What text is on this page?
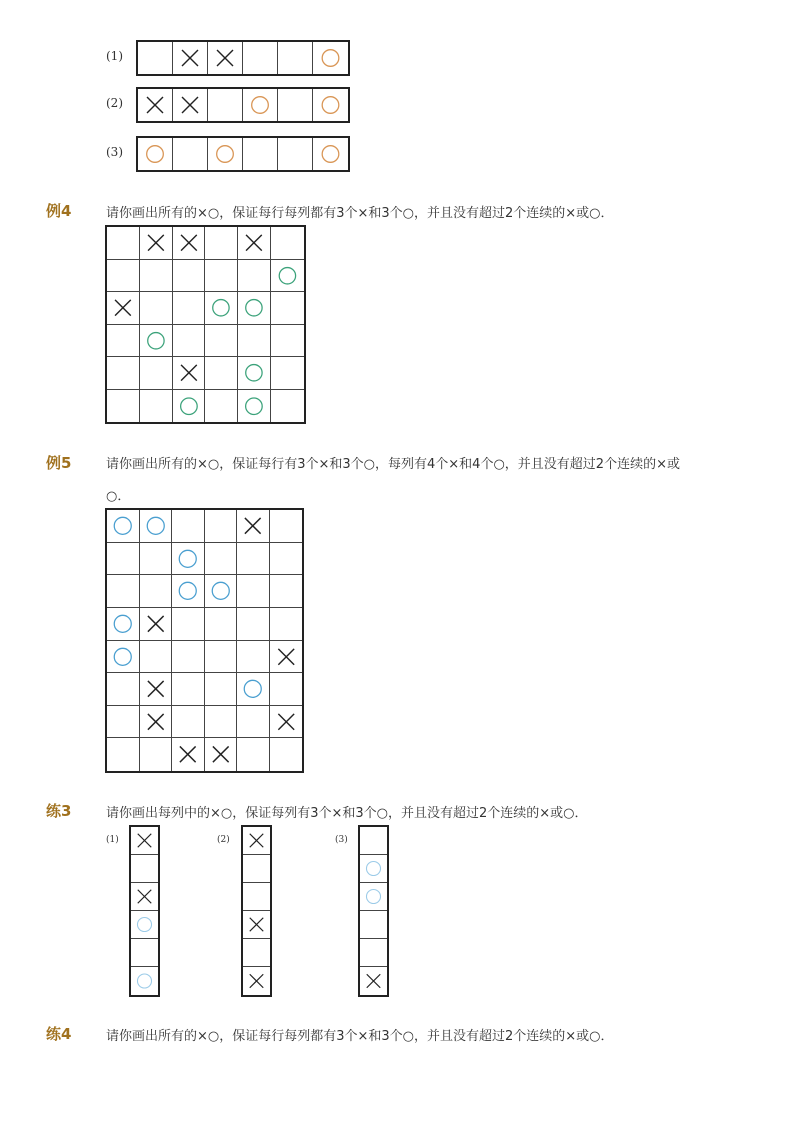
(1)
(2)
(3)
例4	请你画出所有的×○，保证每行每列都有3个×和3个○，并且没有超过2个连续的×或○．
例5	请你画出所有的×○，保证每行有3个×和3个○，每列有4个×和4个○，并且没有超过2个连续的×或
○．
练3	请你画出每列中的×○，保证每列有3个×和3个○，并且没有超过2个连续的×或○．
(1)	(2)	(3)
练4	请你画出所有的×○，保证每行每列都有3个×和3个○，并且没有超过2个连续的×或○．
